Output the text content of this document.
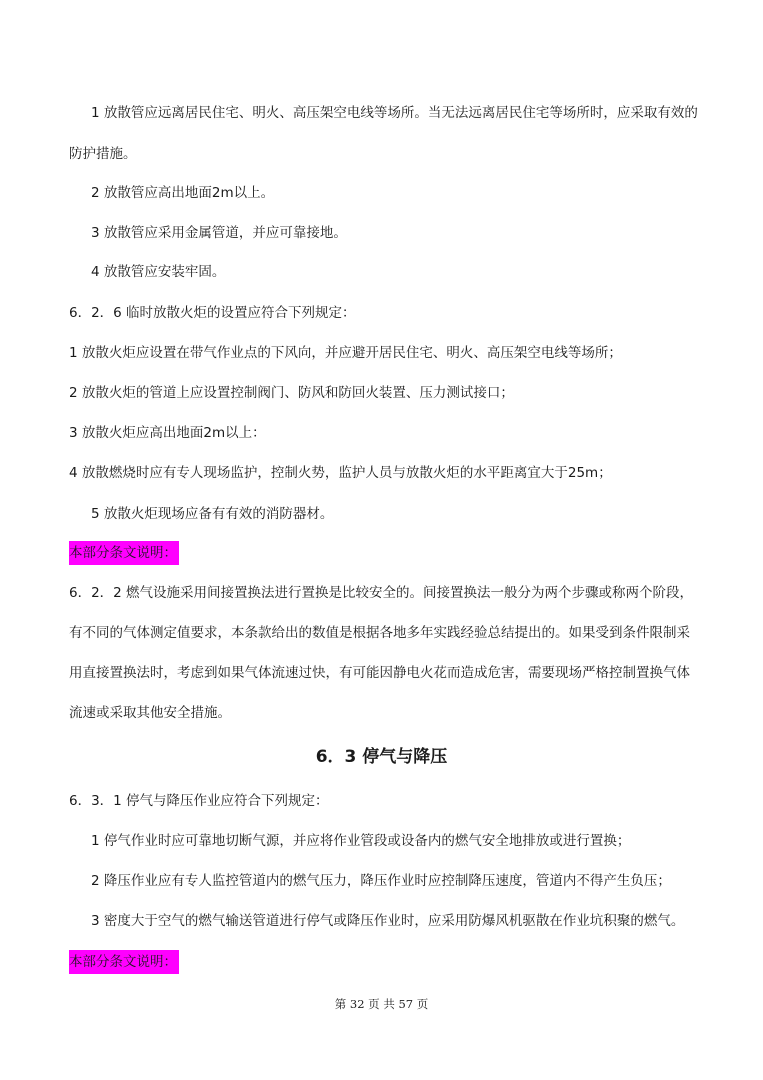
1 放散管应远离居民住宅、明火、高压架空电线等场所。当无法远离居民住宅等场所时，应采取有效的
防护措施。
2 放散管应高出地面2m以上。
3 放散管应采用金属管道，并应可靠接地。
4 放散管应安装牢固。
6．2．6 临时放散火炬的设置应符合下列规定：
1 放散火炬应设置在带气作业点的下风向，并应避开居民住宅、明火、高压架空电线等场所；
2 放散火炬的管道上应设置控制阀门、防风和防回火装置、压力测试接口；
3 放散火炬应高出地面2m以上：
4 放散燃烧时应有专人现场监护，控制火势，监护人员与放散火炬的水平距离宜大于25m；
5 放散火炬现场应备有有效的消防器材。
本部分条文说明：
6．2．2 燃气设施采用间接置换法进行置换是比较安全的。间接置换法一般分为两个步骤或称两个阶段，
有不同的气体测定值要求，本条款给出的数值是根据各地多年实践经验总结提出的。如果受到条件限制采
用直接置换法时，考虑到如果气体流速过快，有可能因静电火花而造成危害，需要现场严格控制置换气体
流速或采取其他安全措施。
6．3 停气与降压
6．3．1 停气与降压作业应符合下列规定：
1 停气作业时应可靠地切断气源，并应将作业管段或设备内的燃气安全地排放或进行置换；
2 降压作业应有专人监控管道内的燃气压力，降压作业时应控制降压速度，管道内不得产生负压；
3 密度大于空气的燃气输送管道进行停气或降压作业时，应采用防爆风机驱散在作业坑积聚的燃气。
本部分条文说明：
第 32 页 共 57 页
